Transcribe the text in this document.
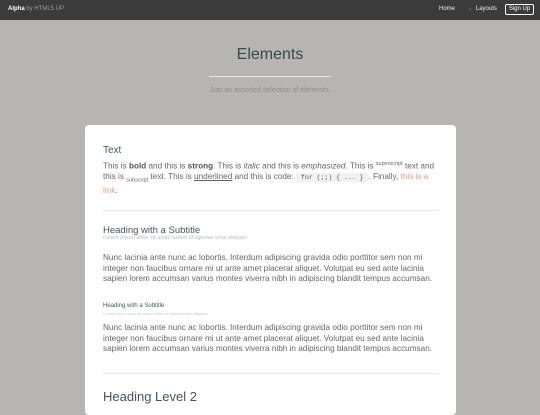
Alpha by HTML5 UP	Home	⌄ Layouts	Sign Up
Elements
Just an assorted selection of elements.
Text
This is bold and this is strong. This is italic and this is emphasized. This is $^{superscript}$ text and this is $_{subscript}$ text. This is underlined and this is code: for (;;) { ... } . Finally, this is a link.
Heading with a Subtitle
Lorem ipsum dolor sit amet nullam id egestas urna aliquam
Nunc lacinia ante nunc ac lobortis. Interdum adipiscing gravida odio porttitor sem non mi integer non faucibus ornare mi ut ante amet placerat aliquet. Volutpat eu sed ante lacinia sapien lorem accumsan varius montes viverra nibh in adipiscing blandit tempus accumsan.
Heading with a Subtitle
Lorem ipsum dolor sit amet nullam id egestas urna aliquam
Nunc lacinia ante nunc ac lobortis. Interdum adipiscing gravida odio porttitor sem non mi integer non faucibus ornare mi ut ante amet placerat aliquet. Volutpat eu sed ante lacinia sapien lorem accumsan varius montes viverra nibh in adipiscing blandit tempus accumsan.
Heading Level 2
